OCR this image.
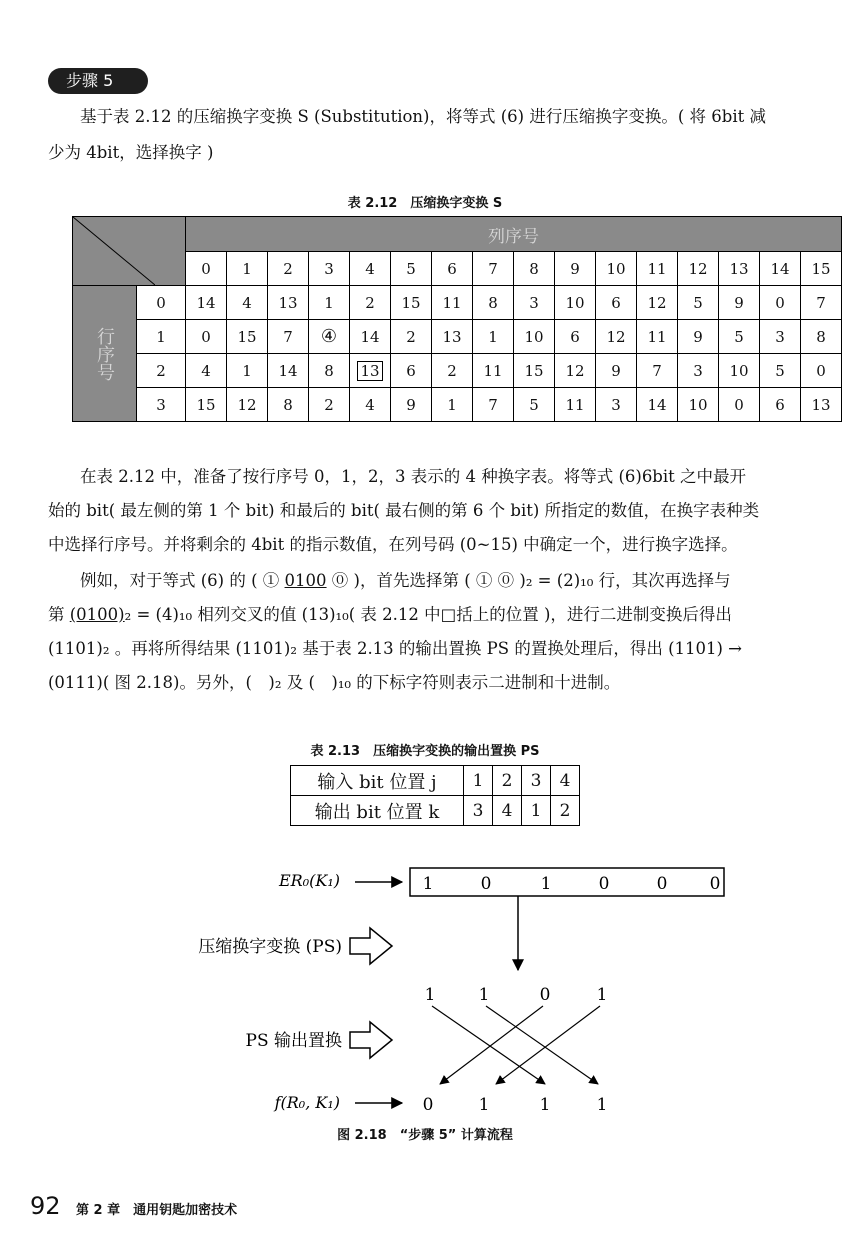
步骤 5
基于表 2.12 的压缩换字变换 S (Substitution)，将等式 (6) 进行压缩换字变换。( 将 6bit 减
少为 4bit，选择换字 )
表 2.12　压缩换字变换 S
	列序号															
		0	1	2	3	4	5	6	7	8	9	10	11	12	13	14	15

行序号	0	14	4	13	1	2	15	11	8	3	10	6	12	5	9	0	7
	1	0	15	7	④	14	2	13	1	10	6	12	11	9	5	3	8
	2	4	1	14	8	13	6	2	11	15	12	9	7	3	10	5	0
	3	15	12	8	2	4	9	1	7	5	11	3	14	10	0	6	13
在表 2.12 中，准备了按行序号 0，1，2，3 表示的 4 种换字表。将等式 (6)6bit 之中最开
始的 bit( 最左侧的第 1 个 bit) 和最后的 bit( 最右侧的第 6 个 bit) 所指定的数值，在换字表种类
中选择行序号。并将剩余的 4bit 的指示数值，在列号码 (0~15) 中确定一个，进行换字选择。
例如，对于等式 (6) 的 ( ① 0100 ⓪ )，首先选择第 ( ① ⓪ )₂ = (2)₁₀ 行，其次再选择与
第 (0100)₂ = (4)₁₀ 相列交叉的值 (13)₁₀( 表 2.12 中□括上的位置 )，进行二进制变换后得出
(1101)₂ 。再将所得结果 (1101)₂ 基于表 2.13 的输出置换 PS 的置换处理后，得出 (1101) →
(0111)( 图 2.18)。另外，(　)₂ 及 (　)₁₀ 的下标字符则表示二进制和十进制。
表 2.13　压缩换字变换的输出置换 PS
输入 bit 位置 j	1	2	3	4
输出 bit 位置 k	3	4	1	2
ER₀(K₁)	1	0	1	0	0 0
压缩换字变换 (PS)
1	1	0	1
PS 输出置换
f(R₀, K₁)	0	1	1	1
图 2.18　“步骤 5” 计算流程
92 第 2 章　通用钥匙加密技术
